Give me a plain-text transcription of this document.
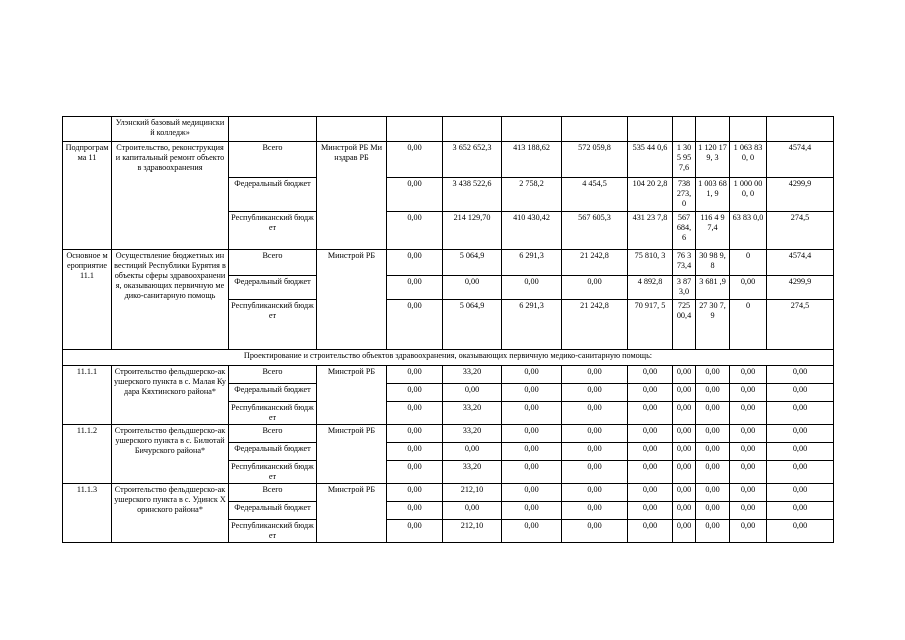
	Улэнский базовый медицинский колледж»											
Подпрограмма 11	Строительство, реконструкция и капитальный ремонт объектов здравоохранения	Всего	Минстрой РБ Минздрав РБ	0,00	3 652 652,3	413 188,62	572 059,8	535 44 0,6	1 30 5 95 7,6	1 120 179, 3	1 063 830, 0	4574,4
		Федеральный бюджет		0,00	3 438 522,6	2 758,2	4 454,5	104 20 2,8	738 273, 0	1 003 681, 9	1 000 000, 0	4299,9
		Республиканский бюджет		0,00	214 129,70	410 430,42	567 605,3	431 23 7,8	567 684, 6	116 4 97,4	63 83 0,0	274,5
Основное мероприятие 11.1	Осуществление бюджетных инвестиций Республики Бурятия в объекты сферы здравоохранения, оказывающих первичную медико-санитарную помощь	Всего	Минстрой РБ	0,00	5 064,9	6 291,3	21 242,8	75 810, 3	76 3 73,4	30 98 9,8	0	4574,4
		Федеральный бюджет		0,00	0,00	0,00	0,00	4 892,8	3 87 3,0	3 681 ,9	0,00	4299,9
		Республиканский бюджет		0,00	5 064,9	6 291,3	21 242,8	70 917, 5	725 00,4	27 30 7,9	0	274,5
Проектирование и строительство объектов здравоохранения, оказывающих первичную медико-санитарную помощь:												
11.1.1	Строительство фельдшерско-акушерского пункта в с. Малая Кудара Кяхтинского района*	Всего	Минстрой РБ	0,00	33,20	0,00	0,00	0,00	0,00	0,00	0,00	0,00
		Федеральный бюджет		0,00	0,00	0,00	0,00	0,00	0,00	0,00	0,00	0,00
		Республиканский бюджет		0,00	33,20	0,00	0,00	0,00	0,00	0,00	0,00	0,00
11.1.2	Строительство фельдшерско-акушерского пункта в с. Билютай Бичурского района*	Всего	Минстрой РБ	0,00	33,20	0,00	0,00	0,00	0,00	0,00	0,00	0,00
		Федеральный бюджет		0,00	0,00	0,00	0,00	0,00	0,00	0,00	0,00	0,00
		Республиканский бюджет		0,00	33,20	0,00	0,00	0,00	0,00	0,00	0,00	0,00
11.1.3	Строительство фельдшерско-акушерского пункта в с. Удинск Хоринского района*	Всего	Минстрой РБ	0,00	212,10	0,00	0,00	0,00	0,00	0,00	0,00	0,00
		Федеральный бюджет		0,00	0,00	0,00	0,00	0,00	0,00	0,00	0,00	0,00
		Республиканский бюджет		0,00	212,10	0,00	0,00	0,00	0,00	0,00	0,00	0,00
